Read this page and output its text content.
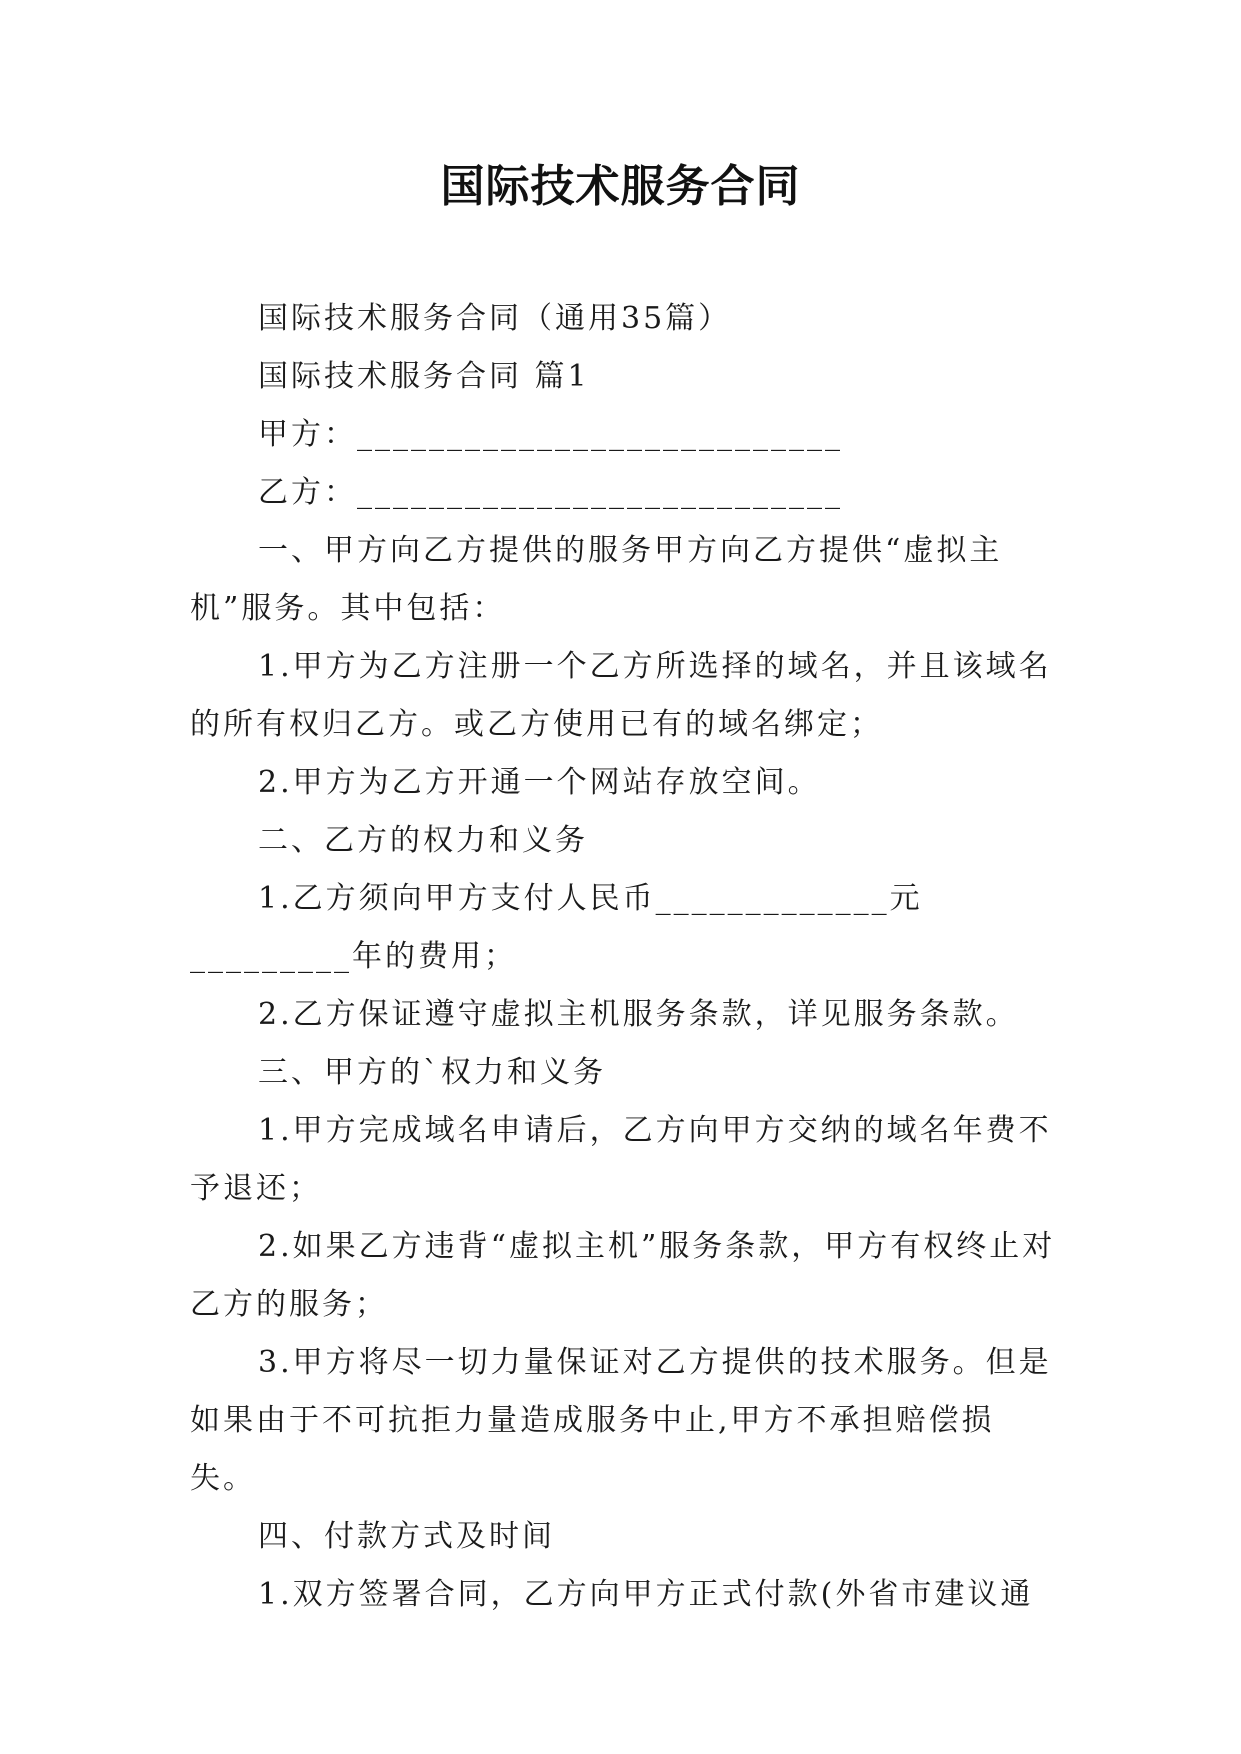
国际技术服务合同

国际技术服务合同（通用35篇）

国际技术服务合同 篇1

甲方：___________________________

乙方：___________________________

一、甲方向乙方提供的服务甲方向乙方提供“虚拟主机”服务。其中包括：

1.甲方为乙方注册一个乙方所选择的域名，并且该域名的所有权归乙方。或乙方使用已有的域名绑定；

2.甲方为乙方开通一个网站存放空间。

二、乙方的权力和义务

1.乙方须向甲方支付人民币_____________元_________年的费用；

2.乙方保证遵守虚拟主机服务条款，详见服务条款。

三、甲方的`权力和义务

1.甲方完成域名申请后，乙方向甲方交纳的域名年费不予退还；

2.如果乙方违背“虚拟主机”服务条款，甲方有权终止对乙方的服务；

3.甲方将尽一切力量保证对乙方提供的技术服务。但是如果由于不可抗拒力量造成服务中止,甲方不承担赔偿损失。

四、付款方式及时间

1.双方签署合同，乙方向甲方正式付款(外省市建议通
